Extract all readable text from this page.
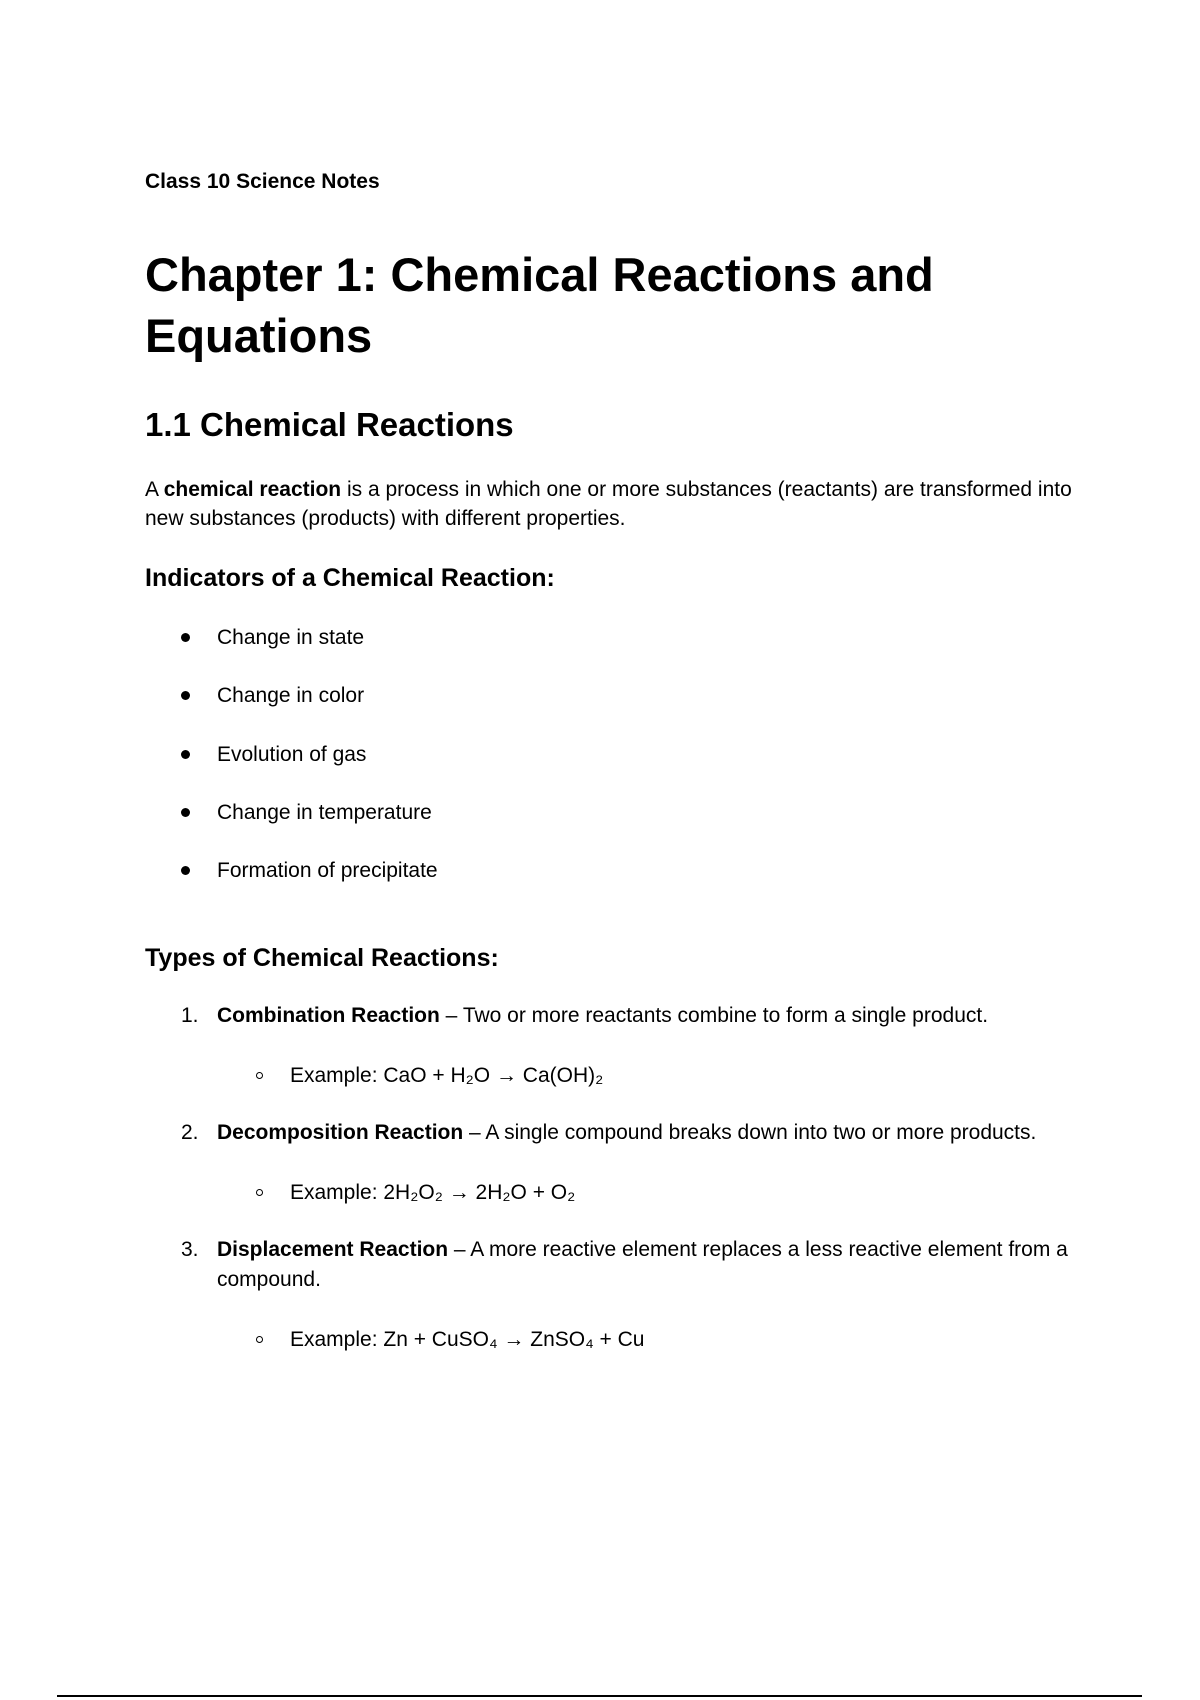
Class 10 Science Notes
Chapter 1: Chemical Reactions and Equations
1.1 Chemical Reactions

A chemical reaction is a process in which one or more substances (reactants) are transformed into new substances (products) with different properties.

Indicators of a Chemical Reaction:
Change in state
Change in color
Evolution of gas
Change in temperature
Formation of precipitate
Types of Chemical Reactions:
1. Combination Reaction – Two or more reactants combine to form a single product.
Example: CaO + H₂O → Ca(OH)₂
2. Decomposition Reaction – A single compound breaks down into two or more products.
Example: 2H₂O₂ → 2H₂O + O₂
3. Displacement Reaction – A more reactive element replaces a less reactive element from a compound.
Example: Zn + CuSO₄ → ZnSO₄ + Cu
